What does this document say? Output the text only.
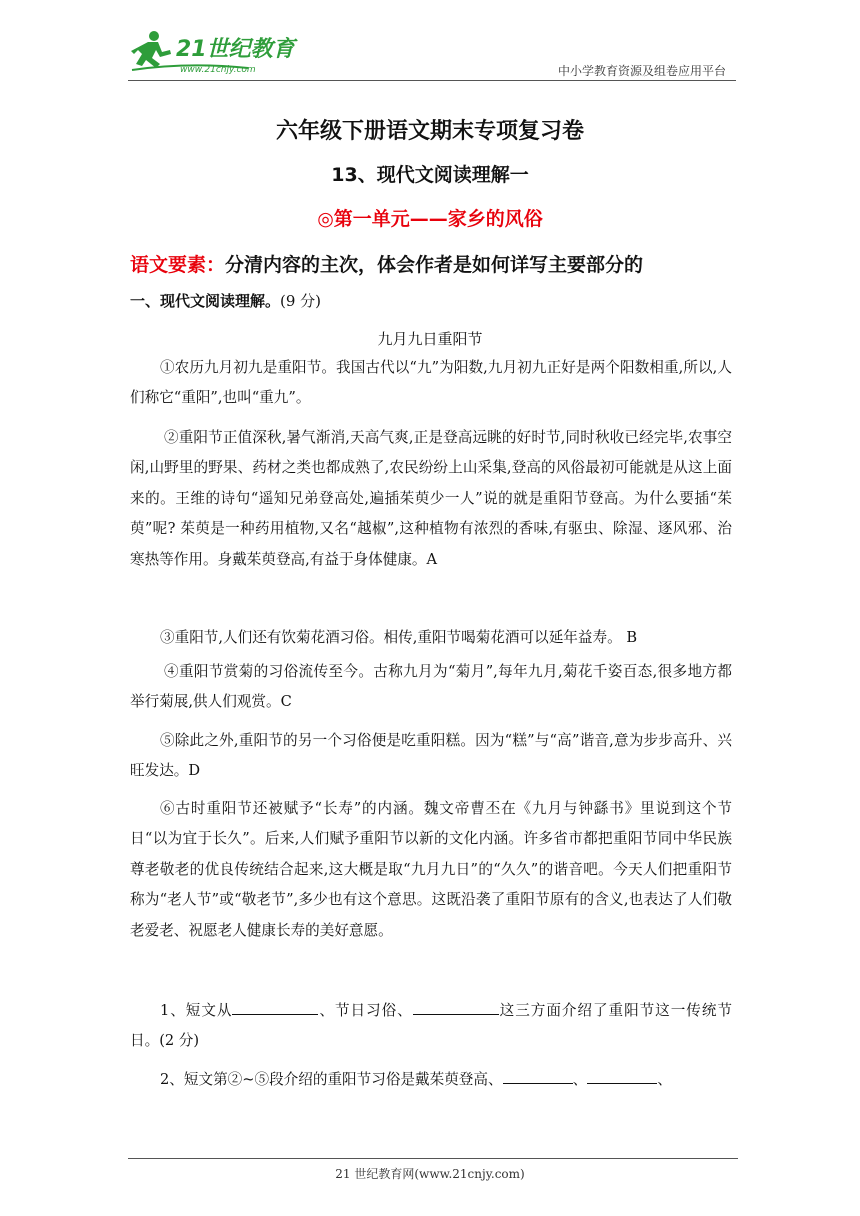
21世纪教育
www.21cnjy.com	中小学教育资源及组卷应用平台
六年级下册语文期末专项复习卷
13、现代文阅读理解一
◎第一单元——家乡的风俗
语文要素：分清内容的主次，体会作者是如何详写主要部分的
一、现代文阅读理解。(9 分)
九月九日重阳节

①农历九月初九是重阳节。我国古代以“九”为阳数,九月初九正好是两个阳数相重,所以,人们称它“重阳”,也叫“重九”。

②重阳节正值深秋,暑气渐消,天高气爽,正是登高远眺的好时节,同时秋收已经完毕,农事空闲,山野里的野果、药材之类也都成熟了,农民纷纷上山采集,登高的风俗最初可能就是从这上面来的。王维的诗句“遥知兄弟登高处,遍插茱萸少一人”说的就是重阳节登高。为什么要插“茱萸”呢? 茱萸是一种药用植物,又名“越椒”,这种植物有浓烈的香味,有驱虫、除湿、逐风邪、治寒热等作用。身戴茱萸登高,有益于身体健康。A

③重阳节,人们还有饮菊花酒习俗。相传,重阳节喝菊花酒可以延年益寿。 B

④重阳节赏菊的习俗流传至今。古称九月为“菊月”,每年九月,菊花千姿百态,很多地方都举行菊展,供人们观赏。C

⑤除此之外,重阳节的另一个习俗便是吃重阳糕。因为“糕”与“高”谐音,意为步步高升、兴旺发达。D

⑥古时重阳节还被赋予“长寿”的内涵。魏文帝曹丕在《九月与钟繇书》里说到这个节日“以为宜于长久”。后来,人们赋予重阳节以新的文化内涵。许多省市都把重阳节同中华民族尊老敬老的优良传统结合起来,这大概是取“九月九日”的“久久”的谐音吧。今天人们把重阳节称为“老人节”或“敬老节”,多少也有这个意思。这既沿袭了重阳节原有的含义,也表达了人们敬老爱老、祝愿老人健康长寿的美好意愿。

1、短文从	、节日习俗、	这三方面介绍了重阳节这一传统节日。(2 分)

2、短文第②~⑤段介绍的重阳节习俗是戴茱萸登高、	、	、

21 世纪教育网(www.21cnjy.com)
